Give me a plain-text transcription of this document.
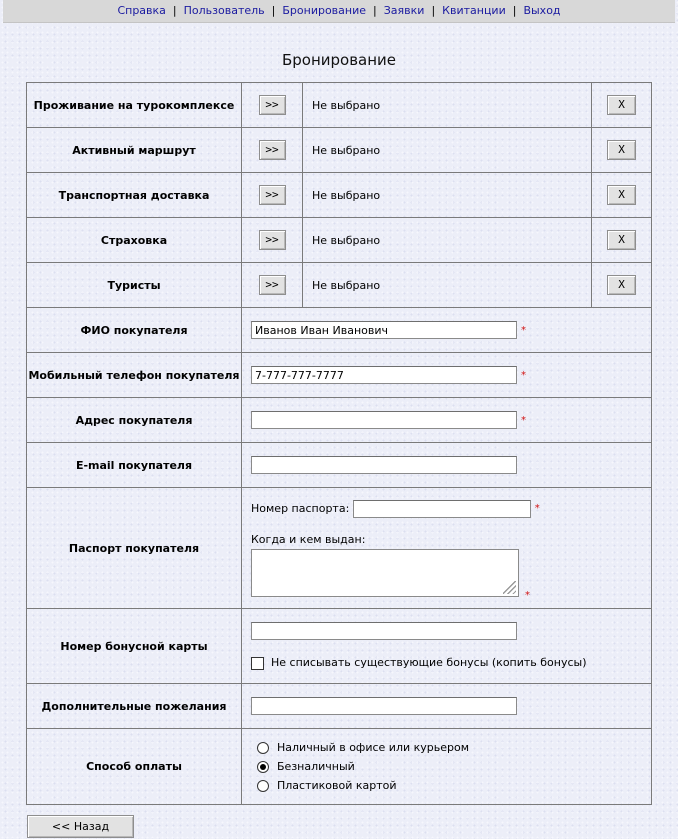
Справка | Пользователь | Бронирование | Заявки | Квитанции | Выход
Бронирование
Проживание на турокомплексе	>>	Не выбрано	X
Активный маршрут	>>	Не выбрано	X
Транспортная доставка	>>	Не выбрано	X
Страховка	>>	Не выбрано	X
Туристы	>>	Не выбрано	X
ФИО покупателя	Иванов Иван Иванович *		
Мобильный телефон покупателя	7-777-777-7777 *		
Адрес покупателя	*		
E-mail покупателя			
Паспорт покупателя	Номер паспорта: *
Когда и кем выдан:
*		

Номер бонусной карты	Не списывать существующие бонусы (копить бонусы)		

Дополнительные пожелания			
Способ оплаты	Наличный в офисе или курьером
Безналичный
Пластиковой картой		
<< Назад
